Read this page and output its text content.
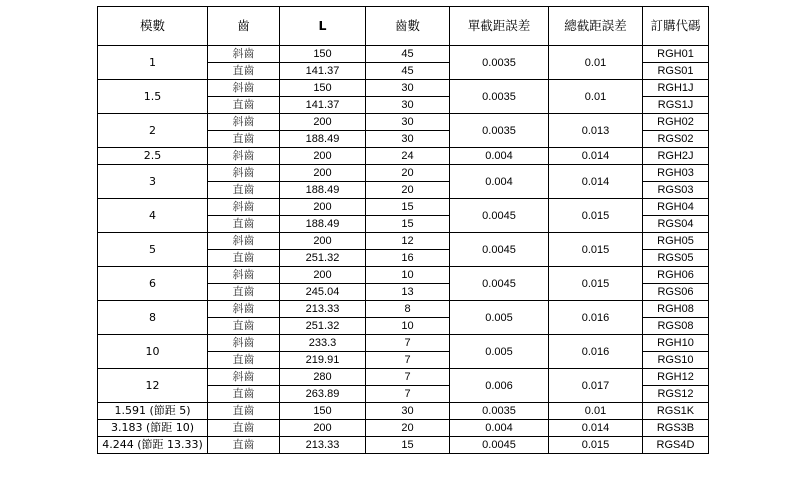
模數	齒	L	齒數	單截距誤差	總截距誤差	訂購代碼
1	斜齒	150	45	0.0035	0.01	RGH01
	直齒	141.37	45			RGS01
1.5	斜齒	150	30	0.0035	0.01	RGH1J
	直齒	141.37	30			RGS1J
2	斜齒	200	30	0.0035	0.013	RGH02
	直齒	188.49	30			RGS02
2.5	斜齒	200	24	0.004	0.014	RGH2J
3	斜齒	200	20	0.004	0.014	RGH03
	直齒	188.49	20			RGS03
4	斜齒	200	15	0.0045	0.015	RGH04
	直齒	188.49	15			RGS04
5	斜齒	200	12	0.0045	0.015	RGH05
	直齒	251.32	16			RGS05
6	斜齒	200	10	0.0045	0.015	RGH06
	直齒	245.04	13			RGS06
8	斜齒	213.33	8	0.005	0.016	RGH08
	直齒	251.32	10			RGS08
10	斜齒	233.3	7	0.005	0.016	RGH10
	直齒	219.91	7			RGS10
12	斜齒	280	7	0.006	0.017	RGH12
	直齒	263.89	7			RGS12
1.591 (節距 5)	直齒	150	30	0.0035	0.01	RGS1K
3.183 (節距 10)	直齒	200	20	0.004	0.014	RGS3B
4.244 (節距 13.33)	直齒	213.33	15	0.0045	0.015	RGS4D
